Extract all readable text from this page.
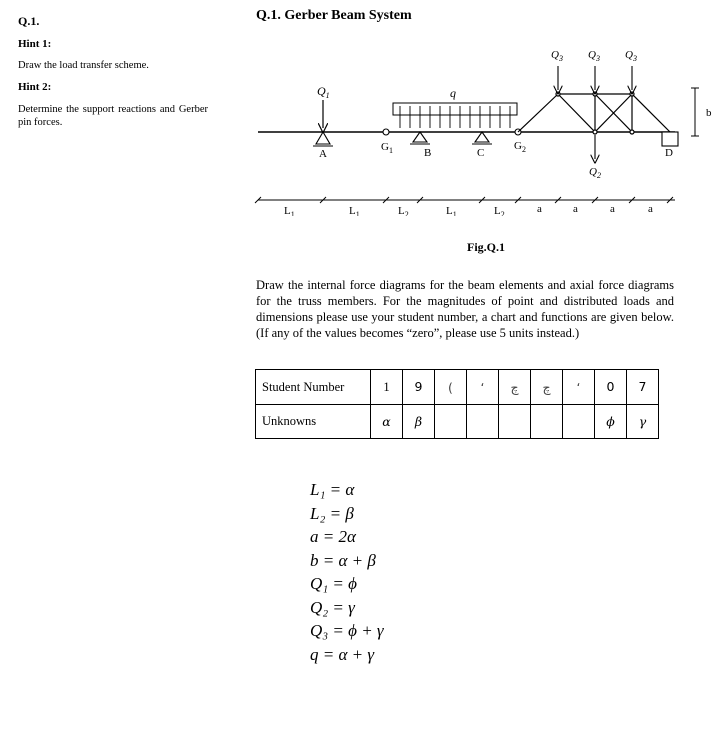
Q.1.
Hint 1:
Draw the load transfer scheme.
Hint 2:
Determine the support reactions and Gerber pin forces.
Q.1. Gerber Beam System
q
$Q_1$
A
$G_1$	B	C
$G_2$
$Q_3$ $Q_3$ $Q_3$
$Q_2$
D
b
$L_1$	$L_1$	$L_2$	$L_1$	$L_2$	a	a	a	a
Fig.Q.1
Draw the internal force diagrams for the beam elements and axial force diagrams for the truss members. For the magnitudes of point and distributed loads and dimensions please use your student number, a chart and functions are given below. (If any of the values becomes “zero”, please use 5 units instead.)
Student Number	1	9	(	‘	چ	چ	‘	0	7
Unknowns	α	β						ϕ	γ
L₁ = α
L₂ = β
a = 2α
b = α + β
Q₁ = ϕ
Q₂ = γ
Q₃ = ϕ + γ
q = α + γ
